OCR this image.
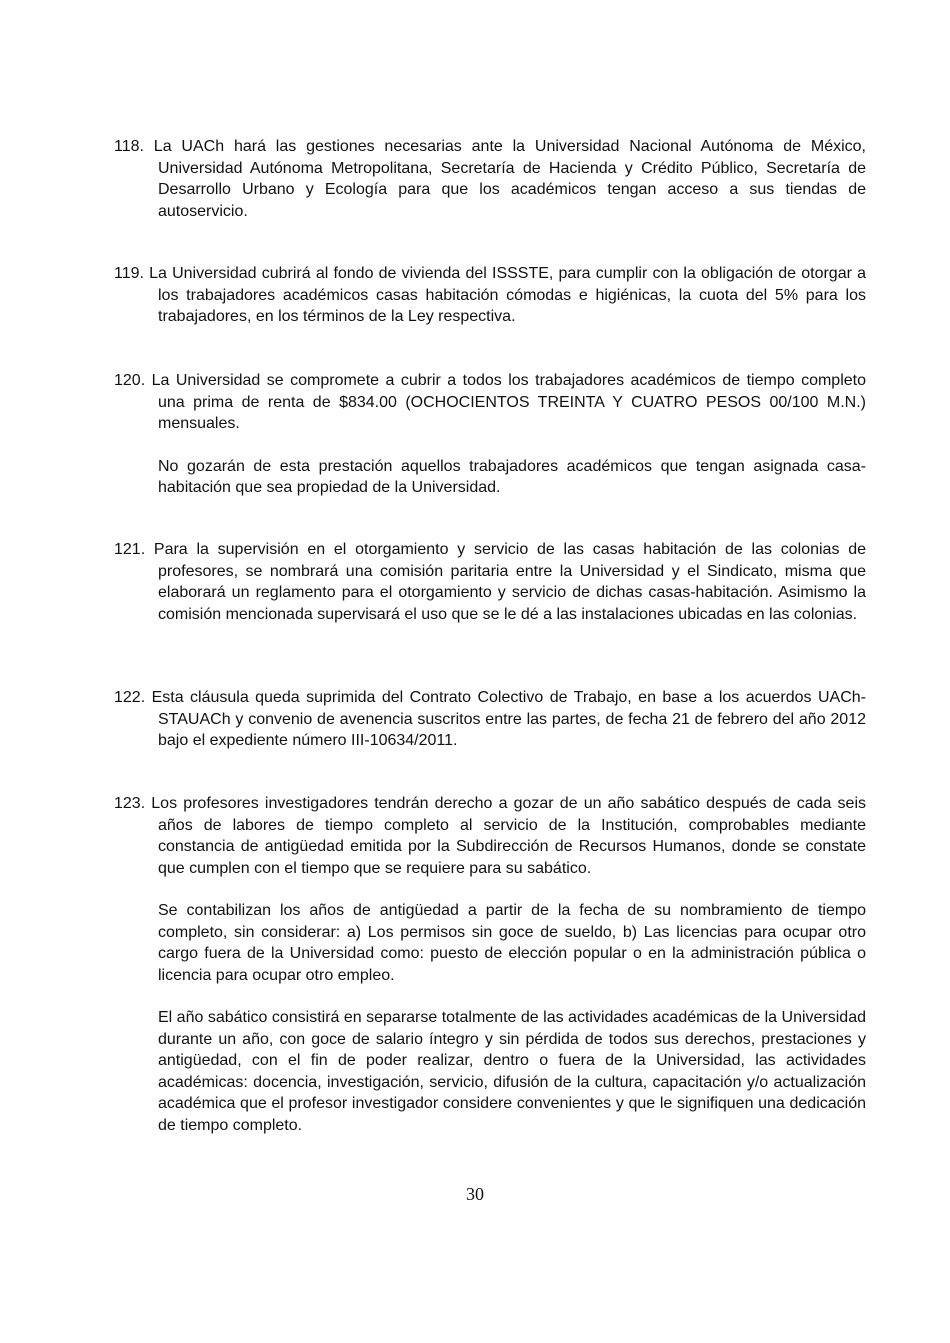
118. La UACh hará las gestiones necesarias ante la Universidad Nacional Autónoma de México, Universidad Autónoma Metropolitana, Secretaría de Hacienda y Crédito Público, Secretaría de Desarrollo Urbano y Ecología para que los académicos tengan acceso a sus tiendas de autoservicio.

119. La Universidad cubrirá al fondo de vivienda del ISSSTE, para cumplir con la obligación de otorgar a los trabajadores académicos casas habitación cómodas e higiénicas, la cuota del 5% para los trabajadores, en los términos de la Ley respectiva.

120. La Universidad se compromete a cubrir a todos los trabajadores académicos de tiempo completo una prima de renta de $834.00 (OCHOCIENTOS TREINTA Y CUATRO PESOS 00/100 M.N.) mensuales.

No gozarán de esta prestación aquellos trabajadores académicos que tengan asignada casa-habitación que sea propiedad de la Universidad.

121. Para la supervisión en el otorgamiento y servicio de las casas habitación de las colonias de profesores, se nombrará una comisión paritaria entre la Universidad y el Sindicato, misma que elaborará un reglamento para el otorgamiento y servicio de dichas casas-habitación. Asimismo la comisión mencionada supervisará el uso que se le dé a las instalaciones ubicadas en las colonias.

122. Esta cláusula queda suprimida del Contrato Colectivo de Trabajo, en base a los acuerdos UACh-STAUACh y convenio de avenencia suscritos entre las partes, de fecha 21 de febrero del año 2012 bajo el expediente número III-10634/2011.

123. Los profesores investigadores tendrán derecho a gozar de un año sabático después de cada seis años de labores de tiempo completo al servicio de la Institución, comprobables mediante constancia de antigüedad emitida por la Subdirección de Recursos Humanos, donde se constate que cumplen con el tiempo que se requiere para su sabático.

Se contabilizan los años de antigüedad a partir de la fecha de su nombramiento de tiempo completo, sin considerar: a) Los permisos sin goce de sueldo, b) Las licencias para ocupar otro cargo fuera de la Universidad como: puesto de elección popular o en la administración pública o licencia para ocupar otro empleo.

El año sabático consistirá en separarse totalmente de las actividades académicas de la Universidad durante un año, con goce de salario íntegro y sin pérdida de todos sus derechos, prestaciones y antigüedad, con el fin de poder realizar, dentro o fuera de la Universidad, las actividades académicas: docencia, investigación, servicio, difusión de la cultura, capacitación y/o actualización académica que el profesor investigador considere convenientes y que le signifiquen una dedicación de tiempo completo.

30
